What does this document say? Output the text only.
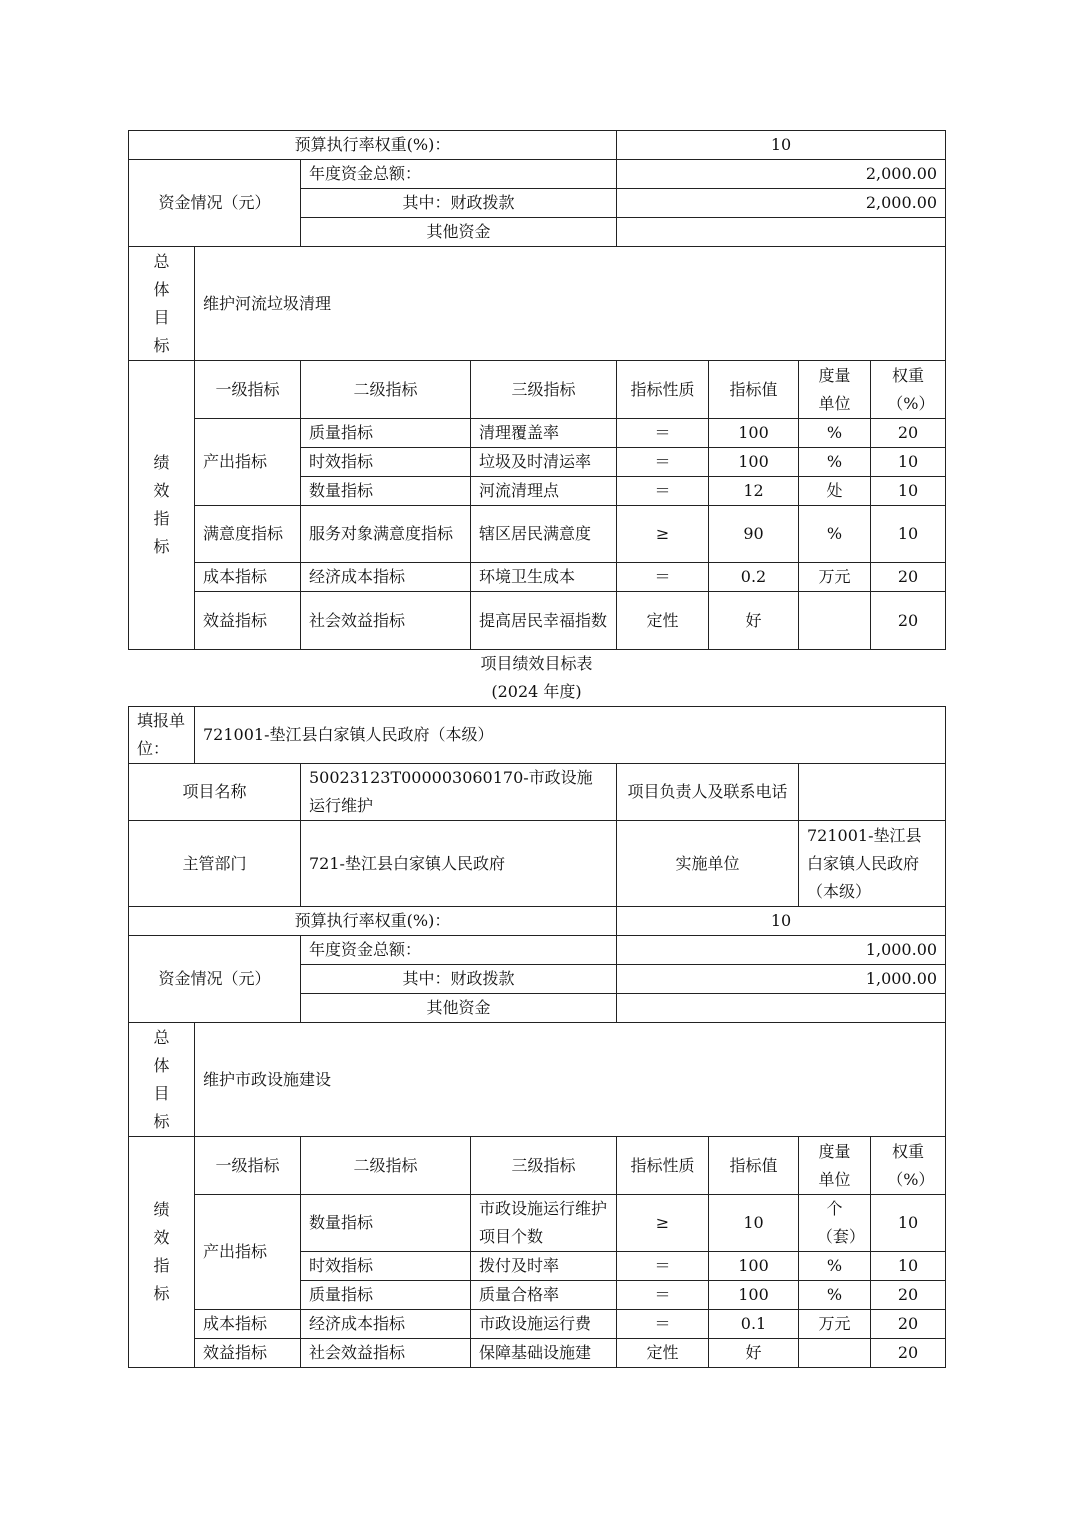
预算执行率权重(%)：				10			

资金情况（元）		年度资金总额：		2,000.00			
		其中：财政拨款		2,000.00			
		其他资金					

总体目标	维护河流垃圾清理						

绩效指标	一级指标	二级指标	三级指标	指标性质	指标值	度量单位	权重（%）

	产出指标	质量指标	清理覆盖率	＝	100	%	20
		时效指标	垃圾及时清运率	＝	100	%	10
		数量指标	河流清理点	＝	12	处	10
	满意度指标	服务对象满意度指标	辖区居民满意度	≥	90	%	10
	成本指标	经济成本指标	环境卫生成本	＝	0.2	万元	20
	效益指标	社会效益指标	提高居民幸福指数	定性	好		20
项目绩效目标表
(2024 年度)
填报单位：	721001-垫江县白家镇人民政府（本级）						
项目名称		50023123T000003060170-市政设施运行维护		项目负责人及联系电话			
主管部门		721-垫江县白家镇人民政府		实施单位		721001-垫江县白家镇人民政府（本级）	
预算执行率权重(%)：				10			

资金情况（元）		年度资金总额：		1,000.00			
		其中：财政拨款		1,000.00			
		其他资金					

总体目标	维护市政设施建设						

绩效指标	一级指标	二级指标	三级指标	指标性质	指标值	度量单位	权重（%）

	产出指标	数量指标	市政设施运行维护项目个数	≥	10	个（套）	10
		时效指标	拨付及时率	＝	100	%	10
		质量指标	质量合格率	＝	100	%	20
	成本指标	经济成本指标	市政设施运行费	＝	0.1	万元	20
	效益指标	社会效益指标	保障基础设施建	定性	好		20
